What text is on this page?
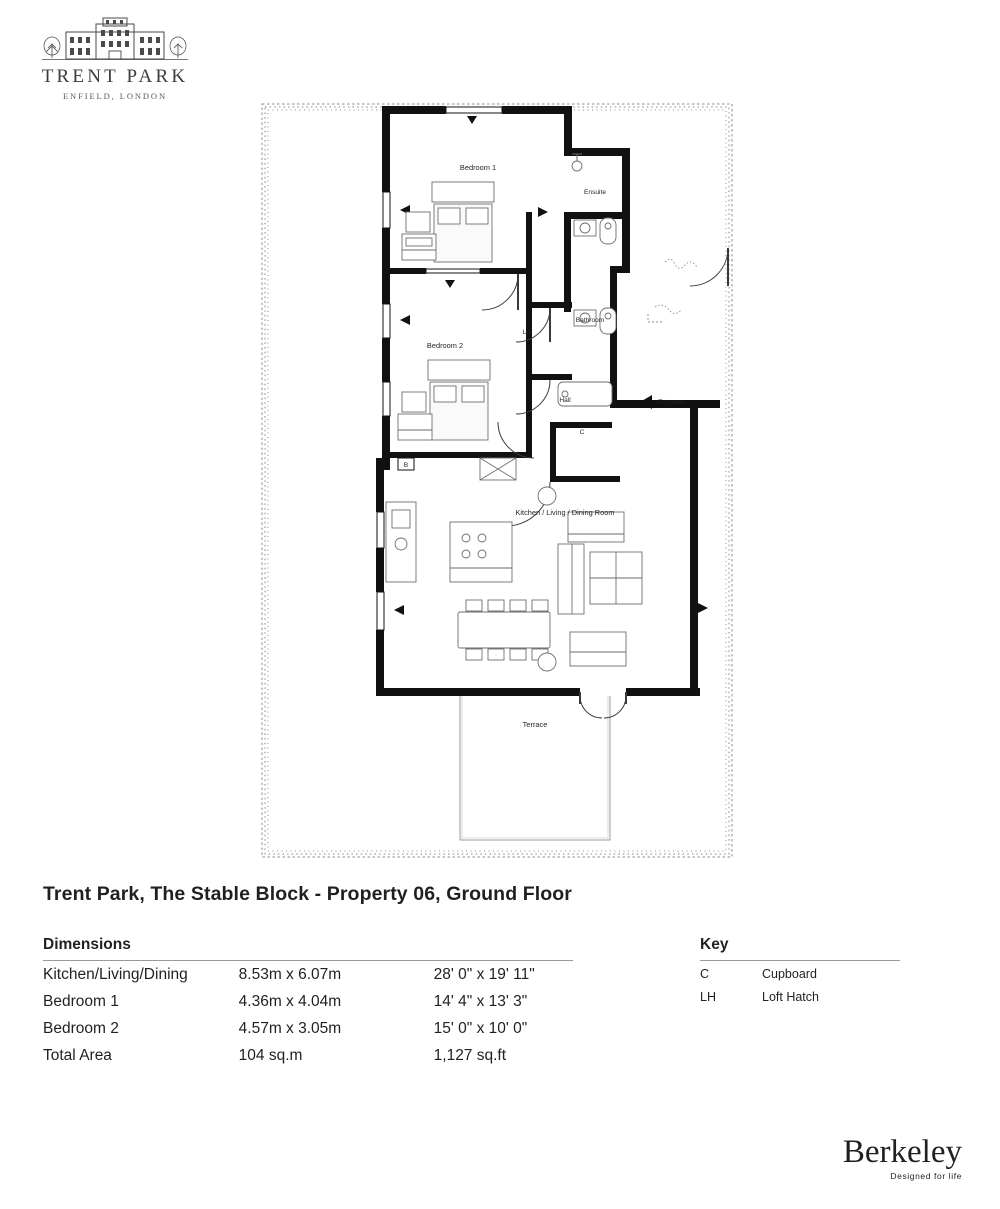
TRENT PARK
ENFIELD, LONDON
Terrace
Bedroom 1
Ensuite
Bathroom
Bedroom 2
Hall
Kitchen / Living / Dining Room
Entrance
C
LH
B
Trent Park, The Stable Block - Property 06, Ground Floor
Dimensions
Kitchen/Living/Dining	8.53m x 6.07m	28' 0" x 19' 11"
Bedroom 1	4.36m x 4.04m	14' 4" x 13' 3"
Bedroom 2	4.57m x 3.05m	15' 0" x 10' 0"
Total Area	104 sq.m	1,127 sq.ft
Key
C	Cupboard
LH	Loft Hatch
Berkeley
Designed for life
